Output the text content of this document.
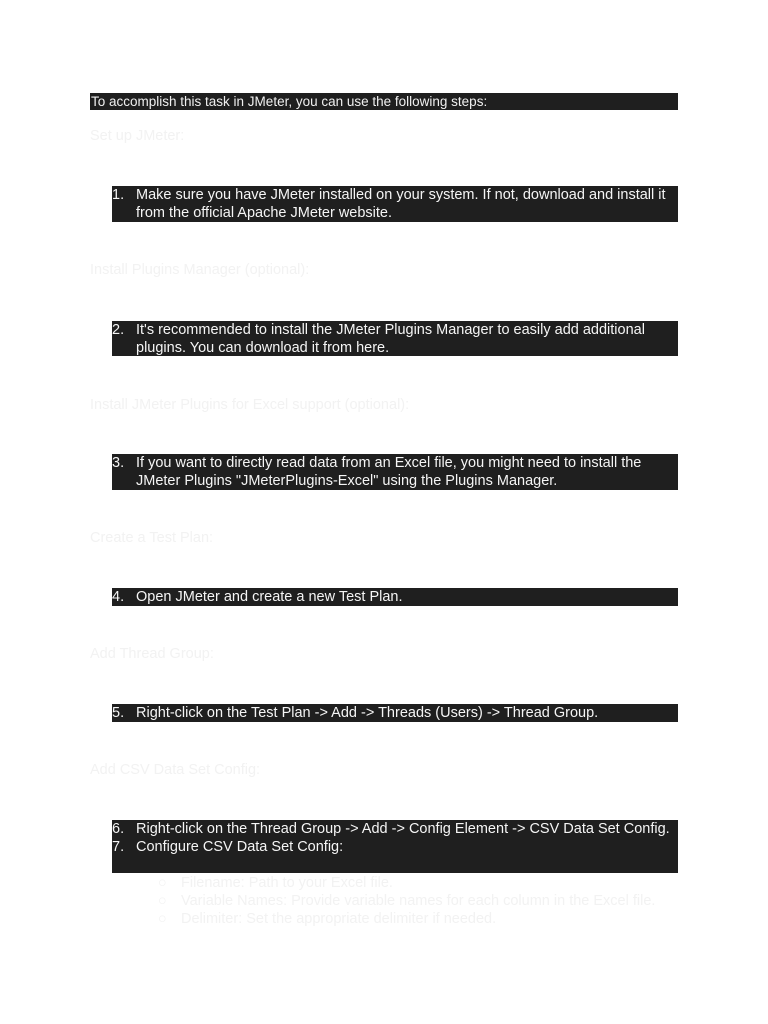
To accomplish this task in JMeter, you can use the following steps:
Set up JMeter:
1. Make sure you have JMeter installed on your system. If not, download and install it from the official Apache JMeter website.
Install Plugins Manager (optional):
2. It's recommended to install the JMeter Plugins Manager to easily add additional plugins. You can download it from here.
Install JMeter Plugins for Excel support (optional):
3. If you want to directly read data from an Excel file, you might need to install the JMeter Plugins "JMeterPlugins-Excel" using the Plugins Manager.
Create a Test Plan:
4. Open JMeter and create a new Test Plan.
Add Thread Group:
5. Right-click on the Test Plan -> Add -> Threads (Users) -> Thread Group.
Add CSV Data Set Config:
6. Right-click on the Thread Group -> Add -> Config Element -> CSV Data Set Config.
7. Configure CSV Data Set Config:
○ Filename: Path to your Excel file.
○ Variable Names: Provide variable names for each column in the Excel file.
○ Delimiter: Set the appropriate delimiter if needed.
